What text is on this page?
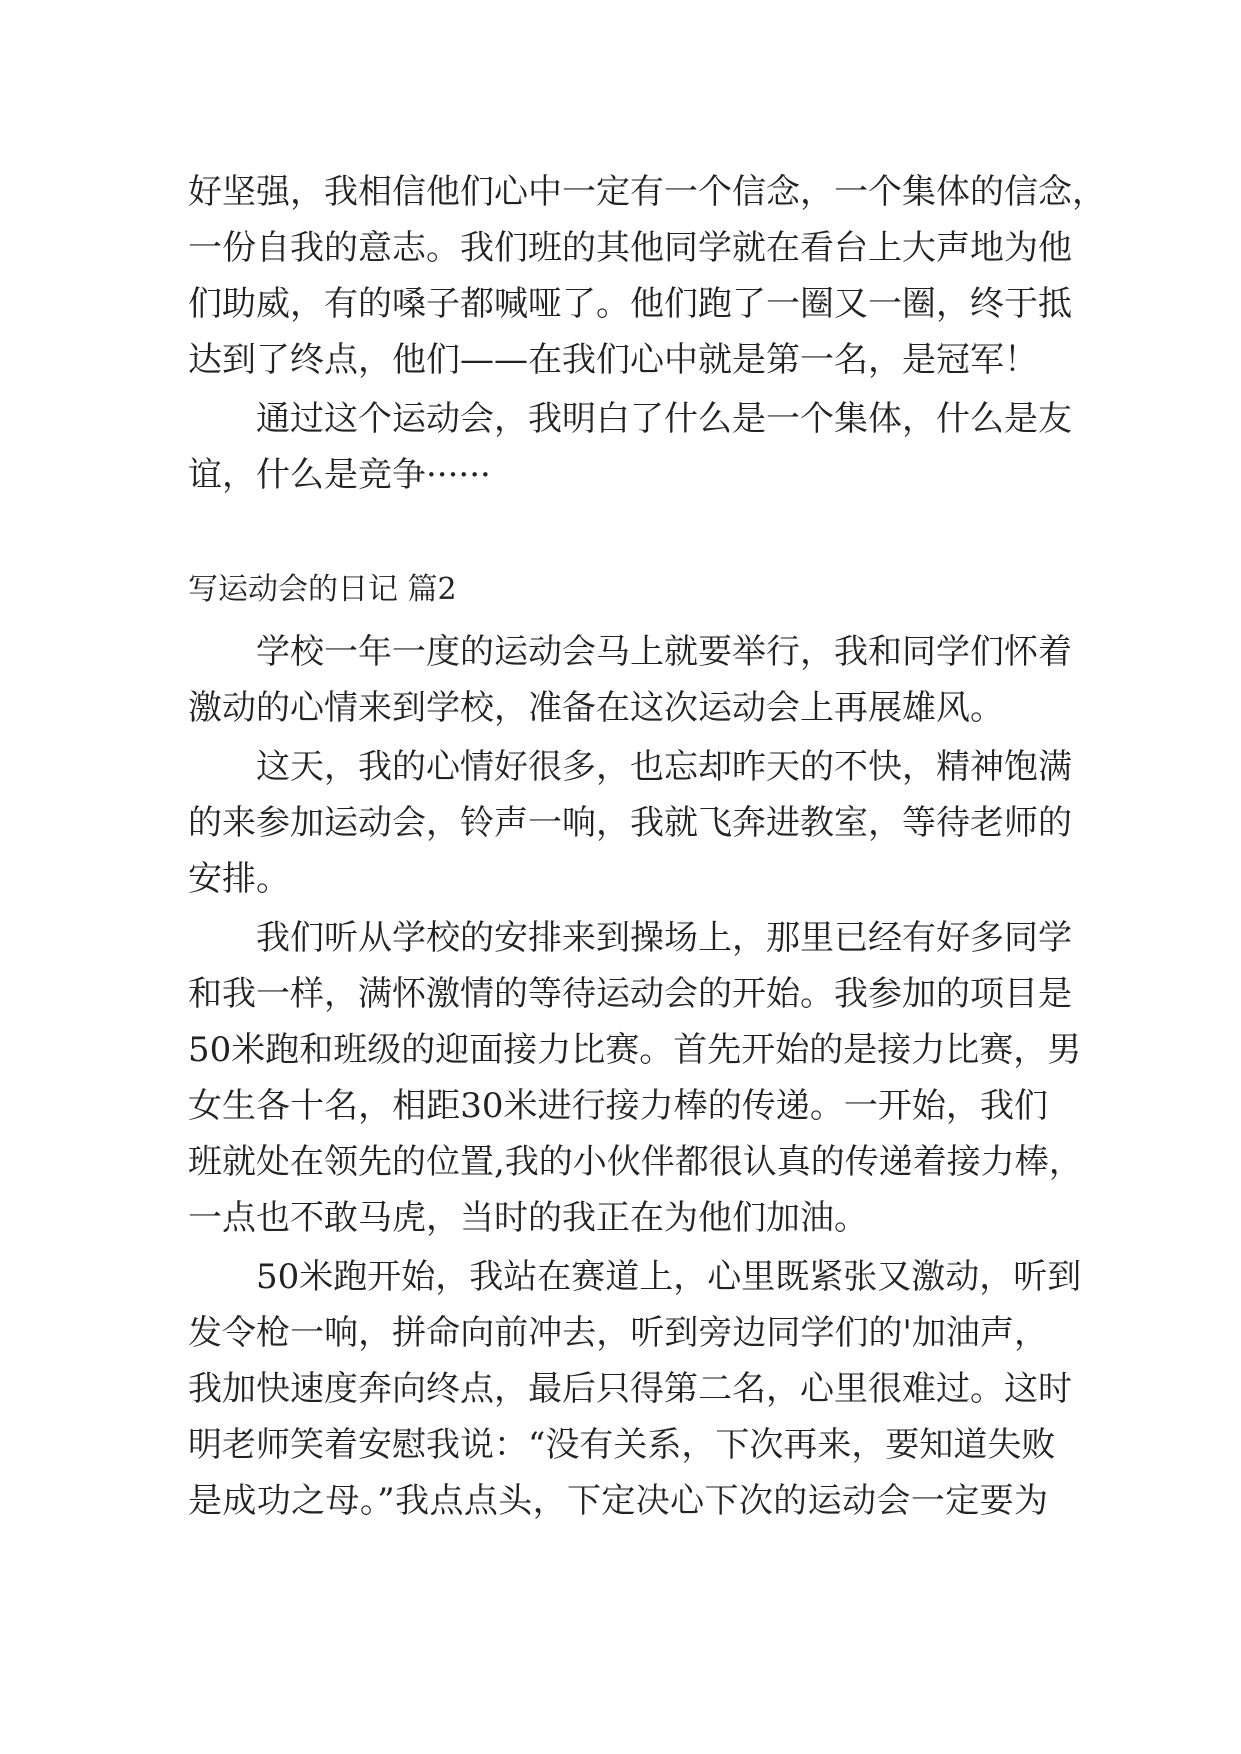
好坚强，我相信他们心中一定有一个信念，一个集体的信念，
一份自我的意志。我们班的其他同学就在看台上大声地为他
们助威，有的嗓子都喊哑了。他们跑了一圈又一圈，终于抵
达到了终点，他们——在我们心中就是第一名，是冠军！
通过这个运动会，我明白了什么是一个集体，什么是友
谊，什么是竞争······
写运动会的日记 篇2
学校一年一度的运动会马上就要举行，我和同学们怀着
激动的心情来到学校，准备在这次运动会上再展雄风。
这天，我的心情好很多，也忘却昨天的不快，精神饱满
的来参加运动会，铃声一响，我就飞奔进教室，等待老师的
安排。
我们听从学校的安排来到操场上，那里已经有好多同学
和我一样，满怀激情的等待运动会的开始。我参加的项目是
50米跑和班级的迎面接力比赛。首先开始的是接力比赛，男
女生各十名，相距30米进行接力棒的传递。一开始，我们
班就处在领先的位置,我的小伙伴都很认真的传递着接力棒，
一点也不敢马虎，当时的我正在为他们加油。
50米跑开始，我站在赛道上，心里既紧张又激动，听到
发令枪一响，拼命向前冲去，听到旁边同学们的'加油声，
我加快速度奔向终点，最后只得第二名，心里很难过。这时
明老师笑着安慰我说：“没有关系，下次再来，要知道失败
是成功之母。”我点点头，下定决心下次的运动会一定要为
